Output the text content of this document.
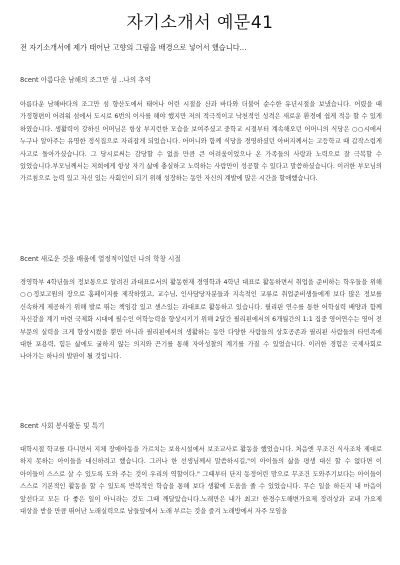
자기소개서 예문41
전 자기소개서에 제가 태어난 고향의 그림을 배경으로 넣어서 했습니다...
8cent 아름다운 남해의 조그만 섬 ..나의 추억
아름다운 남해바다의 조그만 섬 향산도에서 태어나 어린 시절을 산과 바다와 더불어 순수한 유년시절을 보냈습니다. 어렸을 때 가정형편이 어려워 섬에서 도시로 6번의 이사를 해야 했지만 저의 적극적이고 낙천적인 성격은 새로운 환경에 쉽게 적응 할 수 있게 하였습니다. 생활력이 강하신 어머님은 항상 부지런한 모습을 보여주셨고 중학교 시절부터 계속해오던 어머니의 식당은 ○○시에서 누구나 알아주는 유명한 정식집으로 자리잡게 되었습니다. 어머니와 함께 식당을 경영하셨던 아버지께서는 고등학교 때 갑작스럽게 사고로 돌아가셨습니다. 그 당시로써는 감당할 수 없을 만큼 큰 어려움이었으나 온 가족들의 사랑과 노력으로 잘 극복할 수 있었습니다.부모님께서는 저희에게 항상 자기 삶에 충실하고 노력하는 사람만이 성공할 수 있다고 말씀하셨습니다. 이러한 부모님의 가르침으로 능력 있고 자신 있는 사회인이 되기 위해 성장하는 동안 자신의 계발에 많은 시간을 할애했습니다.
8cent 새로운 것을 배움에 열정적이었던 나의 학창 시절
경영학부 4학년들의 정보통으로 알려진 과대표로서의 활동현재 경영학과 4학년 대표로 활동하면서 취업을 준비하는 학우들을 위해 ○○정보고원의 장으로 홈페이지를 제작하였고, 교수님, 인사담당자분들과 지속적인 교류로 취업준비생들에게 보다 많은 정보를 신속하게 제공하기 위해 발로 뛰는 책임감 있고 센스있는 과대표로 활동하고 있습니다. 필리핀 연수를 통한 어학실력 배양과 함께 자신감을 계기 마련 국제화 시대에 필수인 어학능력을 향상시키기 위해 2달간 필리핀에서의 6개월간의 1:1 집중 영어연수는 영어 전 부문의 실력을 크게 향상시켰을 뿐만 아니라 필리핀에서의 생활하는 동안 다양한 사람들의 상호공존과 필리핀 사람들의 타민족에 대한 포용력, 힘든 삶에도 굴하지 않는 의지와 끈기를 통해 자아성찰의 계기를 가질 수 있었습니다. 이러한 경험은 국제사회로 나아가는 하나의 발판이 될 것입니다.
8cent 사회 봉사활동 및 특기
대학시절 학교를 다니면서 지체 장애아동을 가르치는 보육시설에서 보조교사로 활동을 했었습니다. 처음엔 무조건 식사조차 제대로 하지 못하는 아이들을 대신하려고 했습니다. 그러나 한 선생님께서 말씀하시길,"이 아이들의 삶을 평생 대신 할 수 없다면 이 아이들이 스스로 살 수 있도록 도와 주는 것이 우리의 역할이다." 그때부터 단지 동정어린 맘으로 무조건 도와주기보다는 아이들이 스스로 기본적인 활동을 할 수 있도록 반복적인 학습을 통해 보다 생활에 도움을 줄 수 있었습니다. 무슨 일을 하든지 내 마음이 앞선다고 모든 다 좋은 일이 아니라는 것도 그때 깨달았습니다.노래만은 내가 최고! 한경수도해변가요제 장려상과 교내 가요제 대상을 받을 만큼 뛰어난 노래실력으로 남들앞에서 노래 부르는 것을 즐겨 노래방에서 자주 모임을
